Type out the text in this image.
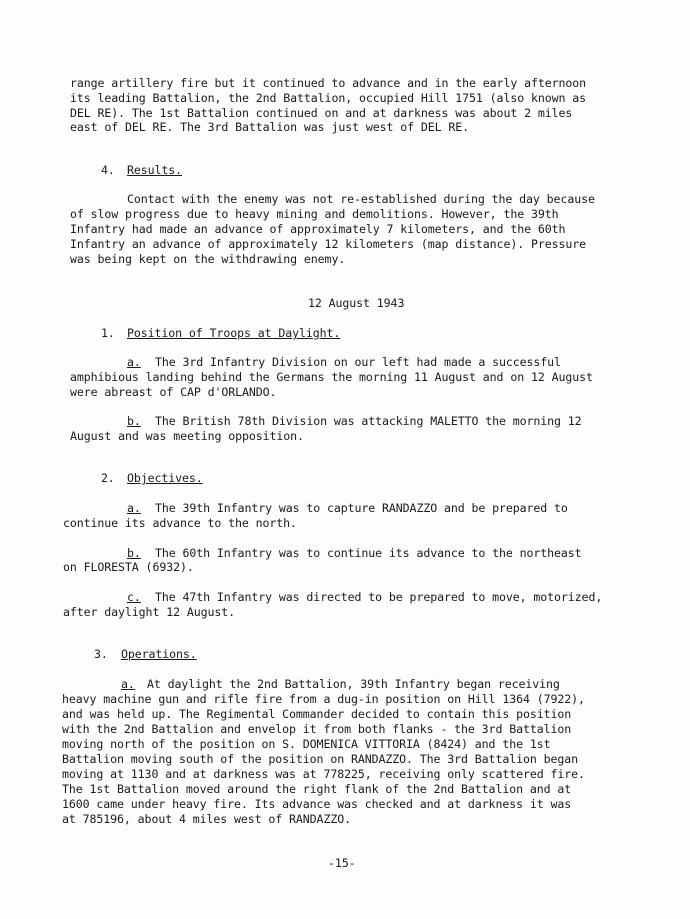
range artillery fire but it continued to advance and in the early afternoon
its leading Battalion, the 2nd Battalion, occupied Hill 1751 (also known as
DEL RE). The 1st Battalion continued on and at darkness was about 2 miles
east of DEL RE. The 3rd Battalion was just west of DEL RE.
4. Results.
Contact with the enemy was not re-established during the day because
of slow progress due to heavy mining and demolitions. However, the 39th
Infantry had made an advance of approximately 7 kilometers, and the 60th
Infantry an advance of approximately 12 kilometers (map distance). Pressure
was being kept on the withdrawing enemy.
12 August 1943
1. Position of Troops at Daylight.
a. The 3rd Infantry Division on our left had made a successful
amphibious landing behind the Germans the morning 11 August and on 12 August
were abreast of CAP d'ORLANDO.
b. The British 78th Division was attacking MALETTO the morning 12
August and was meeting opposition.
2. Objectives.
a. The 39th Infantry was to capture RANDAZZO and be prepared to
continue its advance to the north.
b. The 60th Infantry was to continue its advance to the northeast
on FLORESTA (6932).
c. The 47th Infantry was directed to be prepared to move, motorized,
after daylight 12 August.
3. Operations.
a. At daylight the 2nd Battalion, 39th Infantry began receiving
heavy machine gun and rifle fire from a dug-in position on Hill 1364 (7922),
and was held up. The Regimental Commander decided to contain this position
with the 2nd Battalion and envelop it from both flanks - the 3rd Battalion
moving north of the position on S. DOMENICA VITTORIA (8424) and the 1st
Battalion moving south of the position on RANDAZZO. The 3rd Battalion began
moving at 1130 and at darkness was at 778225, receiving only scattered fire.
The 1st Battalion moved around the right flank of the 2nd Battalion and at
1600 came under heavy fire. Its advance was checked and at darkness it was
at 785196, about 4 miles west of RANDAZZO.
-15-
